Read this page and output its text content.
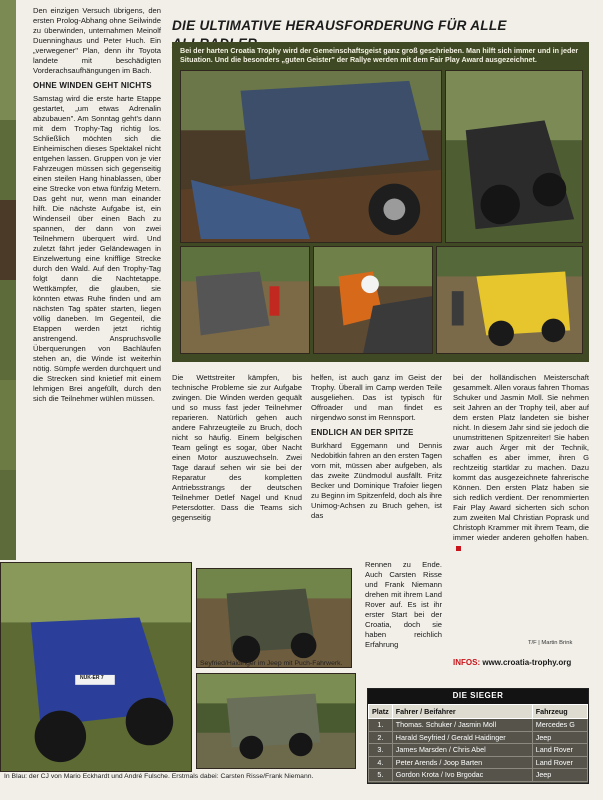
Den einzigen Versuch übrigens, den ersten Prolog-Abhang ohne Seilwinde zu überwinden, unternahmen Meinolf Duenninghaus und Peter Huch. Ein „verwegener" Plan, denn ihr Toyota landete mit beschädigten Vorderachsaufhängungen im Bach.

OHNE WINDEN GEHT NICHTS

Samstag wird die erste harte Etappe gestartet, „um etwas Adrenalin abzubauen". Am Sonntag geht's dann mit dem Trophy-Tag richtig los. Schließlich möchten sich die Einheimischen dieses Spektakel nicht entgehen lassen. Gruppen von je vier Fahrzeugen müssen sich gegenseitig einen steilen Hang hinablassen, über eine Strecke von etwa fünfzig Metern. Das geht nur, wenn man einander hilft. Die nächste Aufgabe ist, ein Windenseil über einen Bach zu spannen, der dann von zwei Teilnehmern überquert wird. Und zuletzt fährt jeder Geländewagen in Einzelwertung eine knifflige Strecke durch den Wald. Auf den Trophy-Tag folgt dann die Nachtetappe. Wettkämpfer, die glauben, sie könnten etwas Ruhe finden und am nächsten Tag später starten, liegen völlig daneben. Im Gegenteil, die Etappen werden jetzt richtig anstrengend. Anspruchsvolle Überquerungen von Bachläufen stehen an, die Winde ist weiterhin nötig. Sümpfe werden durchquert und die Strecken sind knietief mit einem lehmigen Brei angefüllt, durch den sich die Teilnehmer wühlen müssen.

DIE ULTIMATIVE HERAUSFORDERUNG FÜR ALLE
Bei der harten Croatia Trophy wird der Gemeinschaftsgeist ganz groß geschrieben. Man hilft sich immer und in jeder Situation. Und die besonders „guten Geister" der Rallye werden mit dem Fair Play Award ausgezeichnet.

Die Wettstreiter kämpfen, bis technische Probleme sie zur Aufgabe zwingen. Die Winden werden gequält und so muss fast jeder Teilnehmer reparieren. Natürlich gehen auch andere Fahrzeugteile zu Bruch, doch nicht so häufig. Einem belgischen Team gelingt es sogar, über Nacht einen Motor auszuwechseln. Zwei Tage darauf sehen wir sie bei der Reparatur des kompletten Antriebsstrangs der deutschen Teilnehmer Detlef Nagel und Knud Petersdotter. Dass die Teams sich gegenseitig

helfen, ist auch ganz im Geist der Trophy. Überall im Camp werden Teile ausgeliehen. Das ist typisch für Offroader und man findet es nirgendwo sonst im Rennsport.

ENDLICH AN DER SPITZE

Burkhard Eggemann und Dennis Nedobitkin fahren an den ersten Tagen vorn mit, müssen aber aufgeben, als das zweite Zündmodul ausfällt. Fritz Becker und Dominique Trafoier liegen zu Beginn im Spitzenfeld, doch als ihre Unimog-Achsen zu Bruch gehen, ist das

Rennen zu Ende. Auch Carsten Risse und Frank Niemann drehen mit ihrem Land Rover auf. Es ist ihr erster Start bei der Croatia, doch sie haben reichlich Erfahrung

bei der holländischen Meisterschaft gesammelt. Allen voraus fahren Thomas Schuker und Jasmin Moll. Sie nehmen seit Jahren an der Trophy teil, aber auf dem ersten Platz landeten sie bisher nicht. In diesem Jahr sind sie jedoch die unumstrittenen Spitzenreiter! Sie haben zwar auch Ärger mit der Technik, schaffen es aber immer, ihren G rechtzeitig startklar zu machen. Dazu kommt das ausgezeichnete fahrerische Können. Den ersten Platz haben sie sich redlich verdient. Der renommierten Fair Play Award sicherten sich schon zum zweiten Mal Christian Poprask und Christoph Krammer mit ihrem Team, die immer wieder anderen geholfen haben.

T/F | Martin Brink
INFOS: www.croatia-trophy.org
NUK-ER 7
Seyfried/Haidinger im Jeep mit Puch-Fahrwerk.
In Blau: der CJ von Mario Eckhardt und André Fulsche. Erstmals dabei: Carsten Risse/Frank Niemann.
DIE SIEGER
Platz	Fahrer / Beifahrer	Fahrzeug
1.	Thomas. Schuker / Jasmin Moll	Mercedes G
2.	Harald Seyfried / Gerald Haidinger	Jeep
3.	James Marsden / Chris Abel	Land Rover
4.	Peter Arends / Joop Barten	Land Rover
5.	Gordon Krota / Ivo Brgodac	Jeep
